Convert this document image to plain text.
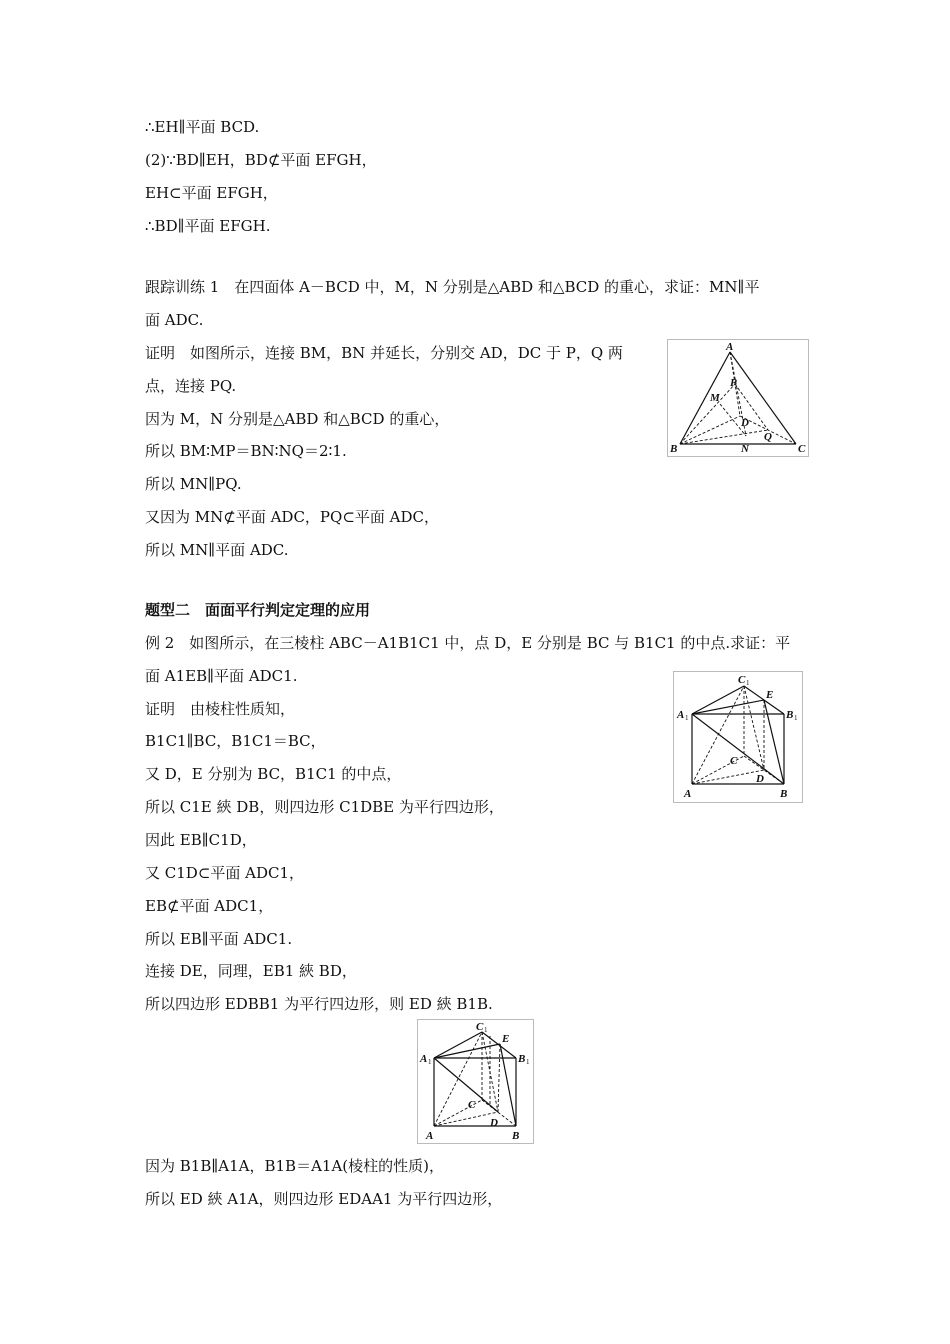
∴EH∥平面 BCD.
(2)∵BD∥EH，BD⊄平面 EFGH，
EH⊂平面 EFGH，
∴BD∥平面 EFGH.
跟踪训练 1　在四面体 A－BCD 中，M，N 分别是△ABD 和△BCD 的重心，求证：MN∥平
面 ADC.
证明　如图所示，连接 BM，BN 并延长，分别交 AD，DC 于 P，Q 两
点，连接 PQ.
因为 M，N 分别是△ABD 和△BCD 的重心，
所以 BM∶MP＝BN∶NQ＝2∶1.
所以 MN∥PQ.
又因为 MN⊄平面 ADC，PQ⊂平面 ADC，
所以 MN∥平面 ADC.
题型二　面面平行判定定理的应用
例 2　如图所示，在三棱柱 ABC－A1B1C1 中，点 D，E 分别是 BC 与 B1C1 的中点.求证：平
面 A1EB∥平面 ADC1.
证明　由棱柱性质知，
B1C1∥BC，B1C1＝BC，
又 D，E 分别为 BC，B1C1 的中点，
所以 C1E 綊 DB，则四边形 C1DBE 为平行四边形，
因此 EB∥C1D，
又 C1D⊂平面 ADC1，
EB⊄平面 ADC1，
所以 EB∥平面 ADC1.
连接 DE，同理，EB1 綊 BD，
所以四边形 EDBB1 为平行四边形，则 ED 綊 B1B.
因为 B1B∥A1A，B1B＝A1A(棱柱的性质)，
所以 ED 綊 A1A，则四边形 EDAA1 为平行四边形，
A
B	C
D
M
N
P
Q
C 1
E
A 1	B 1
C
D
A	B
C 1
E
A 1	B 1
C
D
A	B
